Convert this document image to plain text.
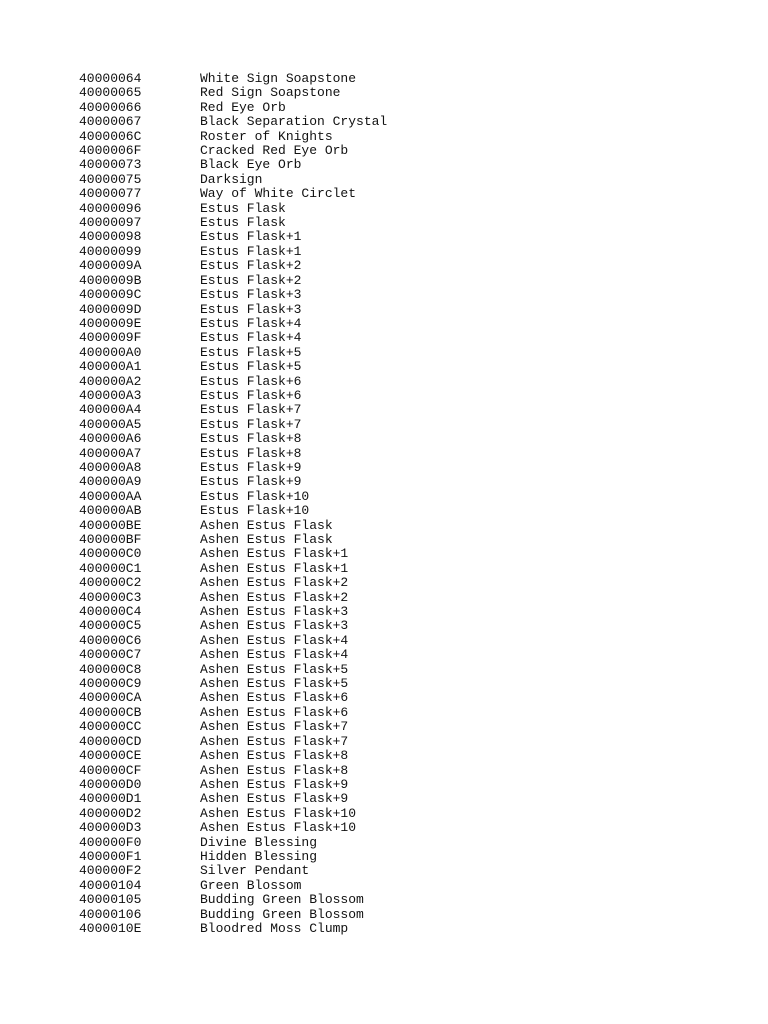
40000064	White Sign Soapstone
40000065	Red Sign Soapstone
40000066	Red Eye Orb
40000067	Black Separation Crystal
4000006C	Roster of Knights
4000006F	Cracked Red Eye Orb
40000073	Black Eye Orb
40000075	Darksign
40000077	Way of White Circlet
40000096	Estus Flask
40000097	Estus Flask
40000098	Estus Flask+1
40000099	Estus Flask+1
4000009A	Estus Flask+2
4000009B	Estus Flask+2
4000009C	Estus Flask+3
4000009D	Estus Flask+3
4000009E	Estus Flask+4
4000009F	Estus Flask+4
400000A0	Estus Flask+5
400000A1	Estus Flask+5
400000A2	Estus Flask+6
400000A3	Estus Flask+6
400000A4	Estus Flask+7
400000A5	Estus Flask+7
400000A6	Estus Flask+8
400000A7	Estus Flask+8
400000A8	Estus Flask+9
400000A9	Estus Flask+9
400000AA	Estus Flask+10
400000AB	Estus Flask+10
400000BE	Ashen Estus Flask
400000BF	Ashen Estus Flask
400000C0	Ashen Estus Flask+1
400000C1	Ashen Estus Flask+1
400000C2	Ashen Estus Flask+2
400000C3	Ashen Estus Flask+2
400000C4	Ashen Estus Flask+3
400000C5	Ashen Estus Flask+3
400000C6	Ashen Estus Flask+4
400000C7	Ashen Estus Flask+4
400000C8	Ashen Estus Flask+5
400000C9	Ashen Estus Flask+5
400000CA	Ashen Estus Flask+6
400000CB	Ashen Estus Flask+6
400000CC	Ashen Estus Flask+7
400000CD	Ashen Estus Flask+7
400000CE	Ashen Estus Flask+8
400000CF	Ashen Estus Flask+8
400000D0	Ashen Estus Flask+9
400000D1	Ashen Estus Flask+9
400000D2	Ashen Estus Flask+10
400000D3	Ashen Estus Flask+10
400000F0	Divine Blessing
400000F1	Hidden Blessing
400000F2	Silver Pendant
40000104	Green Blossom
40000105	Budding Green Blossom
40000106	Budding Green Blossom
4000010E	Bloodred Moss Clump
